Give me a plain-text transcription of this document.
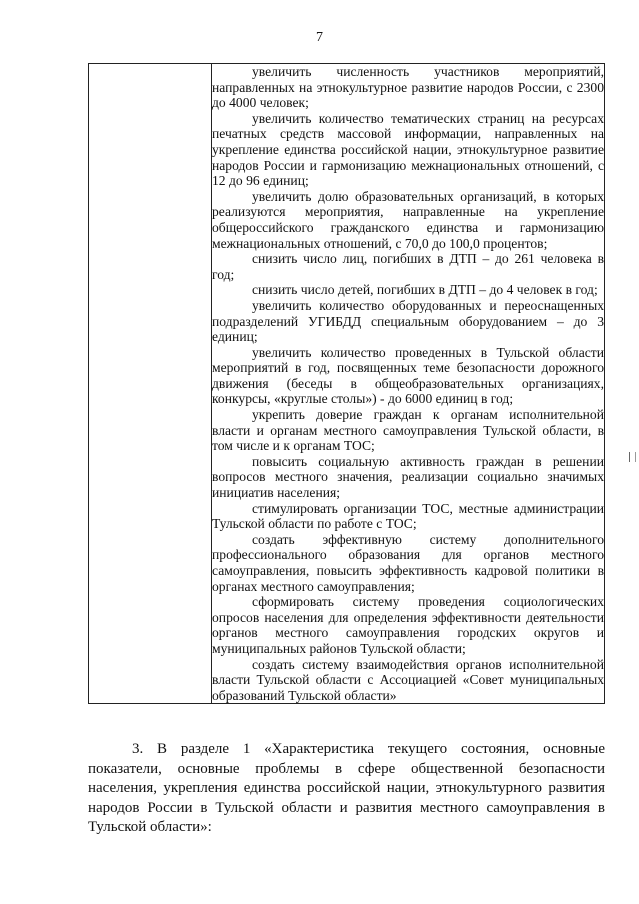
7

увеличить численность участников мероприятий, направленных на этнокультурное развитие народов России, с 2300 до 4000 человек;

увеличить количество тематических страниц на ресурсах печатных средств массовой информации, направленных на укрепление единства российской нации, этнокультурное развитие народов России и гармонизацию межнациональных отношений, с 12 до 96 единиц;

увеличить долю образовательных организаций, в которых реализуются мероприятия, направленные на укрепление общероссийского гражданского единства и гармонизацию межнациональных отношений, с 70,0 до 100,0 процентов;

снизить число лиц, погибших в ДТП – до 261 человека в год;

снизить число детей, погибших в ДТП – до 4 человек в год;

увеличить количество оборудованных и переоснащенных подразделений УГИБДД специальным оборудованием – до 3 единиц;

увеличить количество проведенных в Тульской области мероприятий в год, посвященных теме безопасности дорожного движения (беседы в общеобразовательных организациях, конкурсы, «круглые столы») - до 6000 единиц в год;

укрепить доверие граждан к органам исполнительной власти и органам местного самоуправления Тульской области, в том числе и к органам ТОС;

повысить социальную активность граждан в решении вопросов местного значения, реализации социально значимых инициатив населения;

стимулировать организации ТОС, местные администрации Тульской области по работе с ТОС;

создать эффективную систему дополнительного профессионального образования для органов местного самоуправления, повысить эффективность кадровой политики в органах местного самоуправления;

сформировать систему проведения социологических опросов населения для определения эффективности деятельности органов местного самоуправления городских округов и муниципальных районов Тульской области;

создать систему взаимодействия органов исполнительной власти Тульской области с Ассоциацией «Совет муниципальных образований Тульской области»

3. В разделе 1 «Характеристика текущего состояния, основные показатели, основные проблемы в сфере общественной безопасности населения, укрепления единства российской нации, этнокультурного развития народов России в Тульской области и развития местного самоуправления в Тульской области»:
